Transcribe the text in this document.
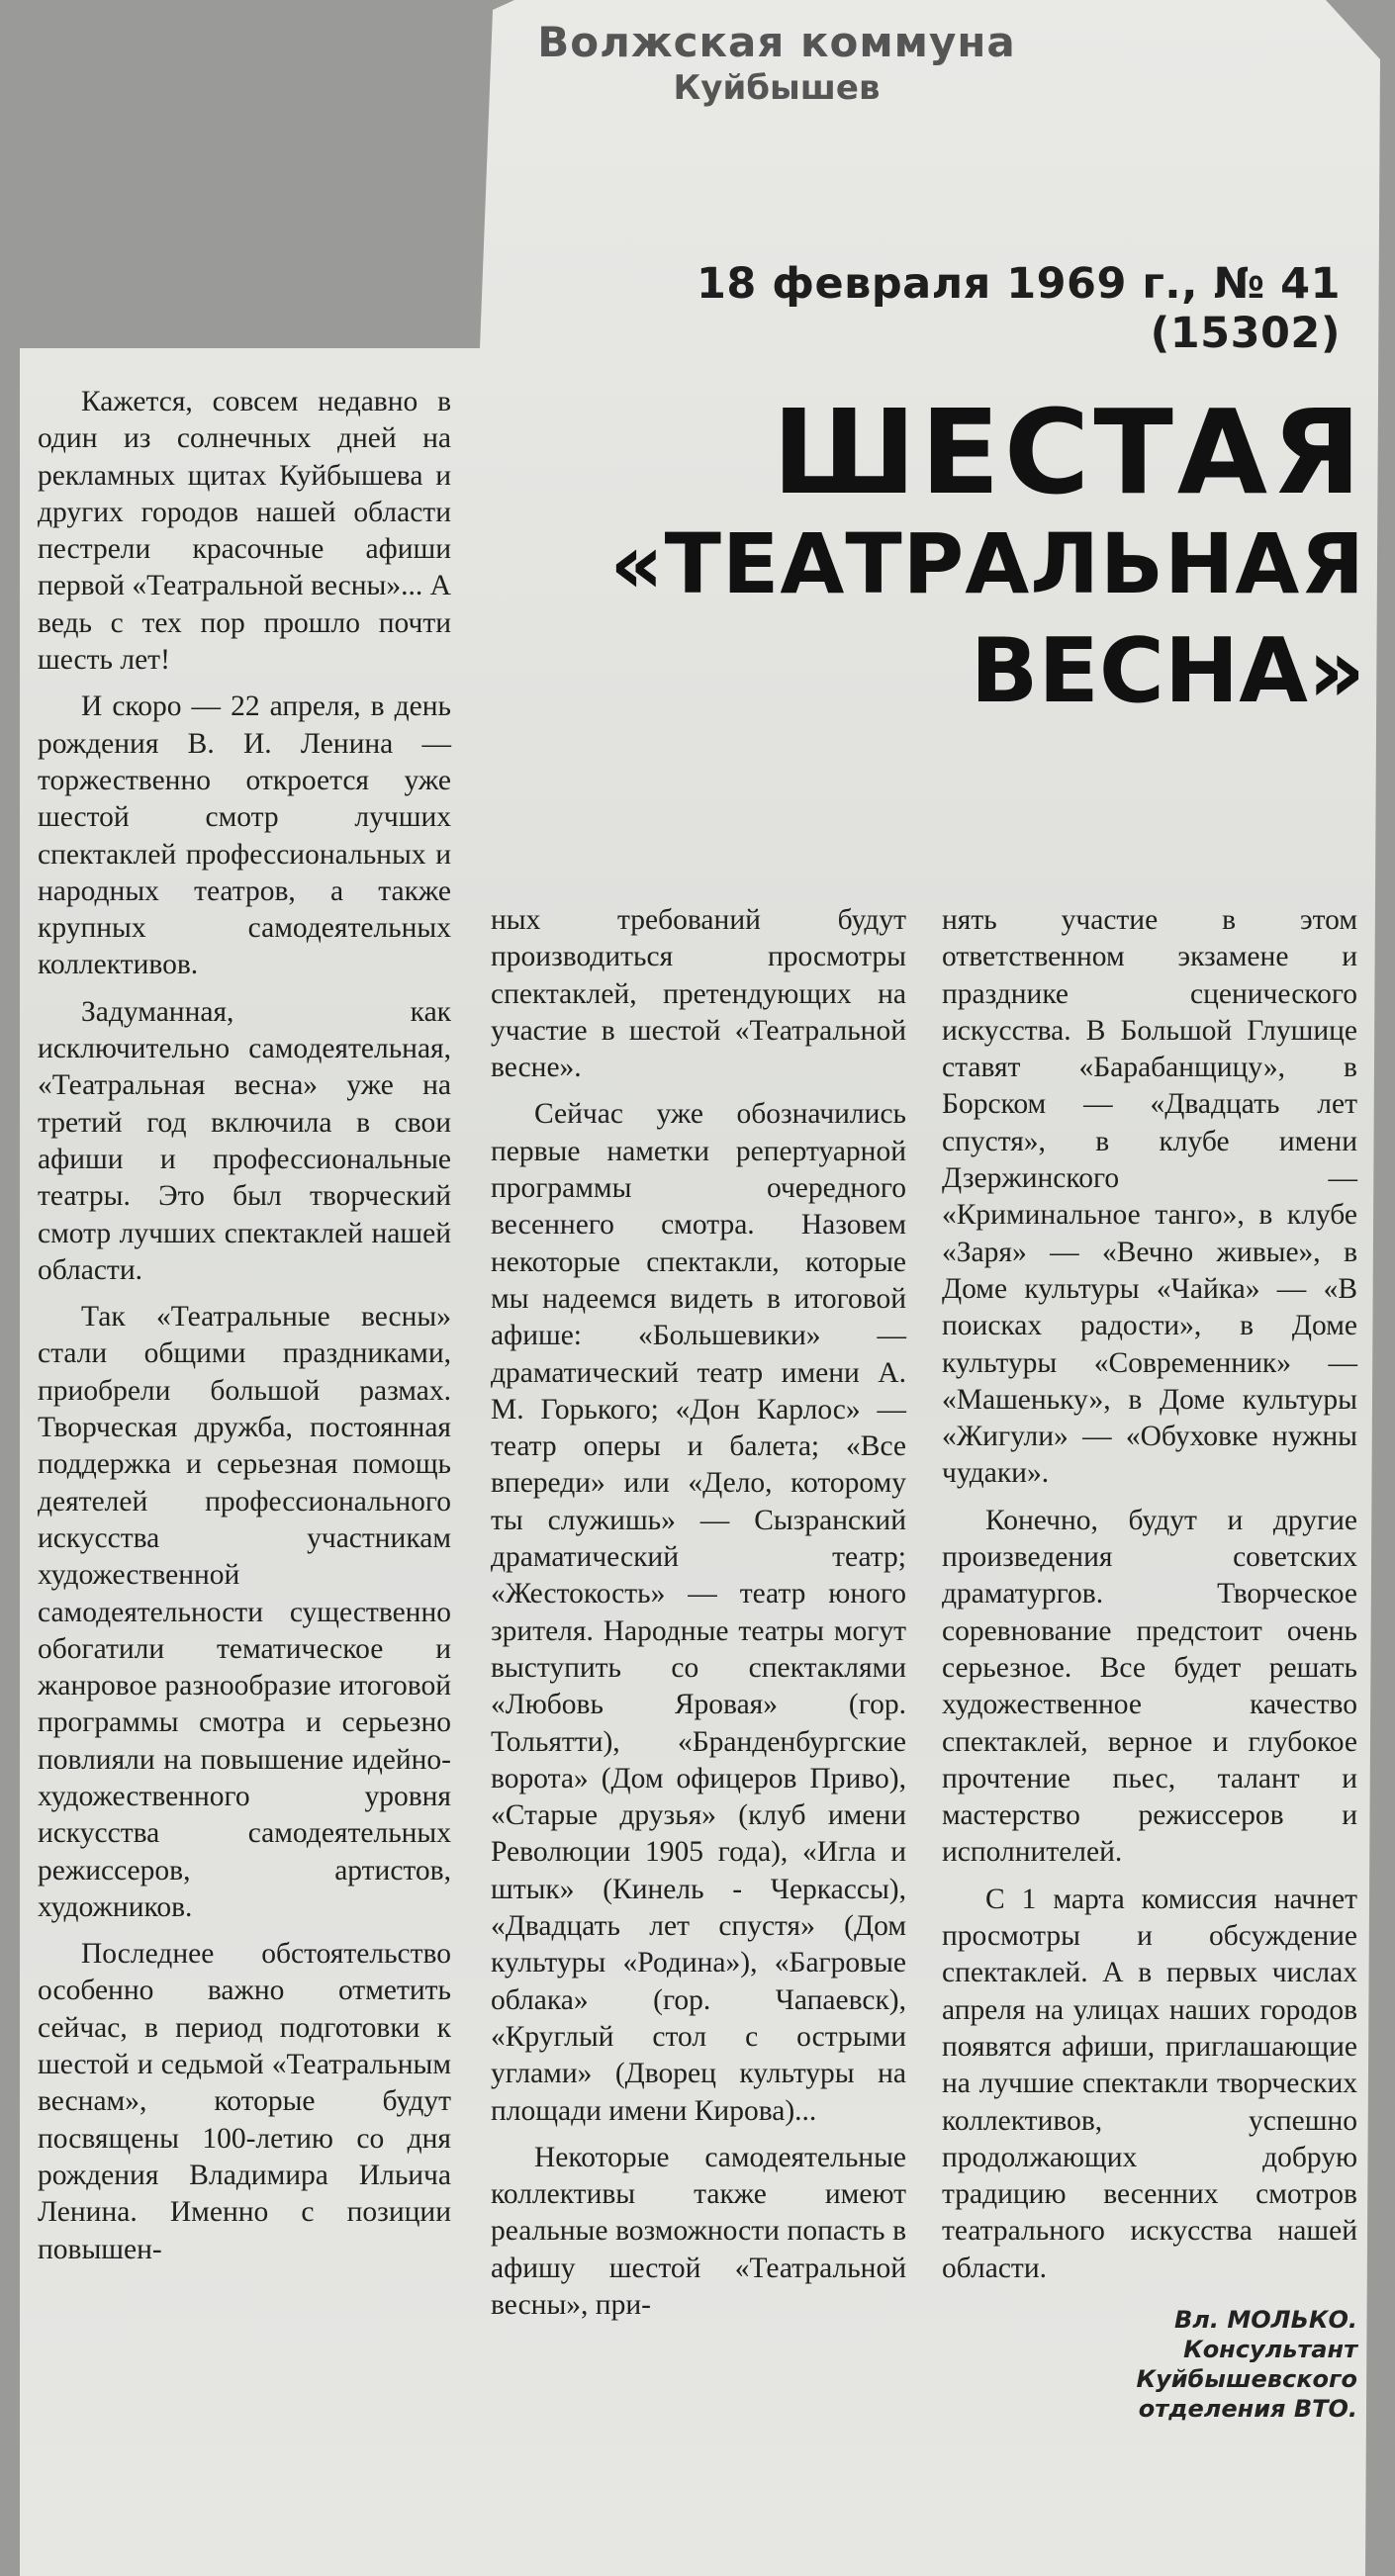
Волжская коммуна
Куйбышев
18 февраля 1969 г., № 41 (15302)
ШЕСТАЯ
«ТЕАТРАЛЬНАЯ
ВЕСНА»

Кажется, совсем недавно в один из солнечных дней на рекламных щитах Куйбышева и других городов нашей области пестрели красочные афиши первой «Театральной весны»... А ведь с тех пор прошло почти шесть лет!

И скоро — 22 апреля, в день рождения В. И. Ленина — торжественно откроется уже шестой смотр лучших спектаклей профессиональных и народных театров, а также крупных самодеятельных коллективов.

Задуманная, как исключительно самодеятельная, «Театральная весна» уже на третий год включила в свои афиши и профессиональные театры. Это был творческий смотр лучших спектаклей нашей области.

Так «Театральные весны» стали общими праздниками, приобрели большой размах. Творческая дружба, постоянная поддержка и серьезная помощь деятелей профессионального искусства участникам художественной самодеятельности существенно обогатили тематическое и жанровое разнообразие итоговой программы смотра и серьезно повлияли на повышение идейно-художественного уровня искусства самодеятельных режиссеров, артистов, художников.

Последнее обстоятельство особенно важно отметить сейчас, в период подготовки к шестой и седьмой «Театральным веснам», которые будут посвящены 100-летию со дня рождения Владимира Ильича Ленина. Именно с позиции повышен-

ных требований будут производиться просмотры спектаклей, претендующих на участие в шестой «Театральной весне».

Сейчас уже обозначились первые наметки репертуарной программы очередного весеннего смотра. Назовем некоторые спектакли, которые мы надеемся видеть в итоговой афише: «Большевики» — драматический театр имени А. М. Горького; «Дон Карлос» — театр оперы и балета; «Все впереди» или «Дело, которому ты служишь» — Сызранский драматический театр; «Жестокость» — театр юного зрителя. Народные театры могут выступить со спектаклями «Любовь Яровая» (гор. Тольятти), «Бранденбургские ворота» (Дом офицеров Приво), «Старые друзья» (клуб имени Революции 1905 года), «Игла и штык» (Кинель - Черкассы), «Двадцать лет спустя» (Дом культуры «Родина»), «Багровые облака» (гор. Чапаевск), «Круглый стол с острыми углами» (Дворец культуры на площади имени Кирова)...

Некоторые самодеятельные коллективы также имеют реальные возможности попасть в афишу шестой «Театральной весны», при-

нять участие в этом ответственном экзамене и празднике сценического искусства. В Большой Глушице ставят «Барабанщицу», в Борском — «Двадцать лет спустя», в клубе имени Дзержинского — «Криминальное танго», в клубе «Заря» — «Вечно живые», в Доме культуры «Чайка» — «В поисках радости», в Доме культуры «Современник» — «Машеньку», в Доме культуры «Жигули» — «Обуховке нужны чудаки».

Конечно, будут и другие произведения советских драматургов. Творческое соревнование предстоит очень серьезное. Все будет решать художественное качество спектаклей, верное и глубокое прочтение пьес, талант и мастерство режиссеров и исполнителей.

С 1 марта комиссия начнет просмотры и обсуждение спектаклей. А в первых числах апреля на улицах наших городов появятся афиши, приглашающие на лучшие спектакли творческих коллективов, успешно продолжающих добрую традицию весенних смотров театрального искусства нашей области.

Вл. МОЛЬКО.
Консультант
Куйбышевского
отделения ВТО.
